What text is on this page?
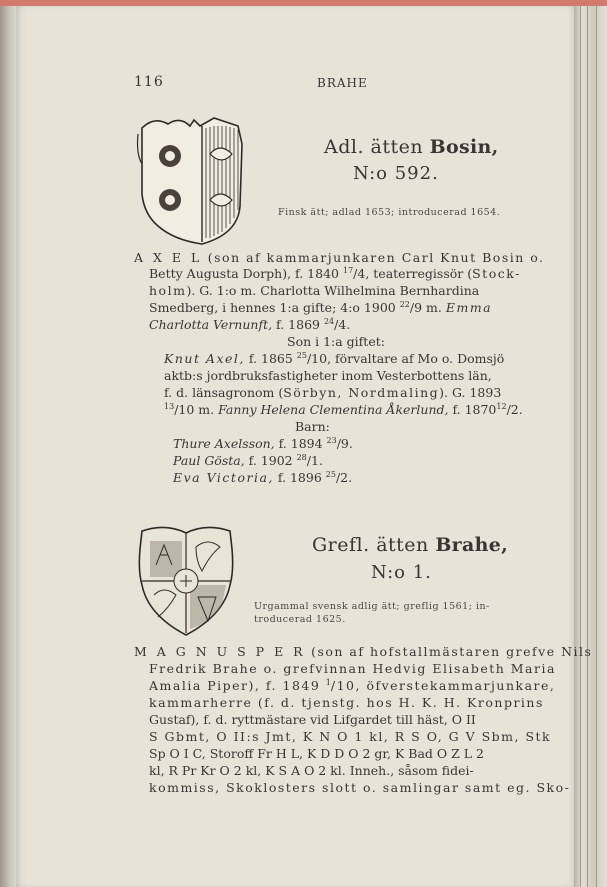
116	BRAHE
Adl. ätten Bosin,
N:o 592.
Finsk ätt; adlad 1653; introducerad 1654.
A X E L (son af kammarjunkaren Carl Knut Bosin o.
Betty Augusta Dorph), f. 1840 $^{17}$/4, teaterregissör (Stock-
holm). G. 1:o m. Charlotta Wilhelmina Bernhardina
Smedberg, i hennes 1:a gifte; 4:o 1900 $^{22}$/9 m. Emma
Charlotta Vernunft, f. 1869 $^{24}$/4.
Son i 1:a giftet:
Knut Axel, f. 1865 $^{25}$/10, förvaltare af Mo o. Domsjö
aktb:s jordbruksfastigheter inom Vesterbottens län,
f. d. länsagronom (Sörbyn, Nordmaling). G. 1893
$^{13}$/10 m. Fanny Helena Clementina Åkerlund, f. 1870$^{12}$/2.
Barn:
Thure Axelsson, f. 1894 $^{23}$/9.
Paul Gösta, f. 1902 $^{28}$/1.
Eva Victoria, f. 1896 $^{25}$/2.
Grefl. ätten Brahe,
N:o 1.
Urgammal svensk adlig ätt; greflig 1561; in-
troducerad 1625.
M A G N U S P E R (son af hofstallmästaren grefve Nils
Fredrik Brahe o. grefvinnan Hedvig Elisabeth Maria
Amalia Piper), f. 1849 $^1$/10, öfverstekammarjunkare,
kammarherre (f. d. tjenstg. hos H. K. H. Kronprins
Gustaf), f. d. ryttmästare vid Lifgardet till häst, O II
S Gbmt, O II:s Jmt, K N O 1 kl, R S O, G V Sbm, Stk
Sp O I C, Storoff Fr H L, K D D O 2 gr, K Bad O Z L 2
kl, R Pr Kr O 2 kl, K S A O 2 kl. Inneh., såsom fidei-
kommiss, Skoklosters slott o. samlingar samt eg. Sko-
